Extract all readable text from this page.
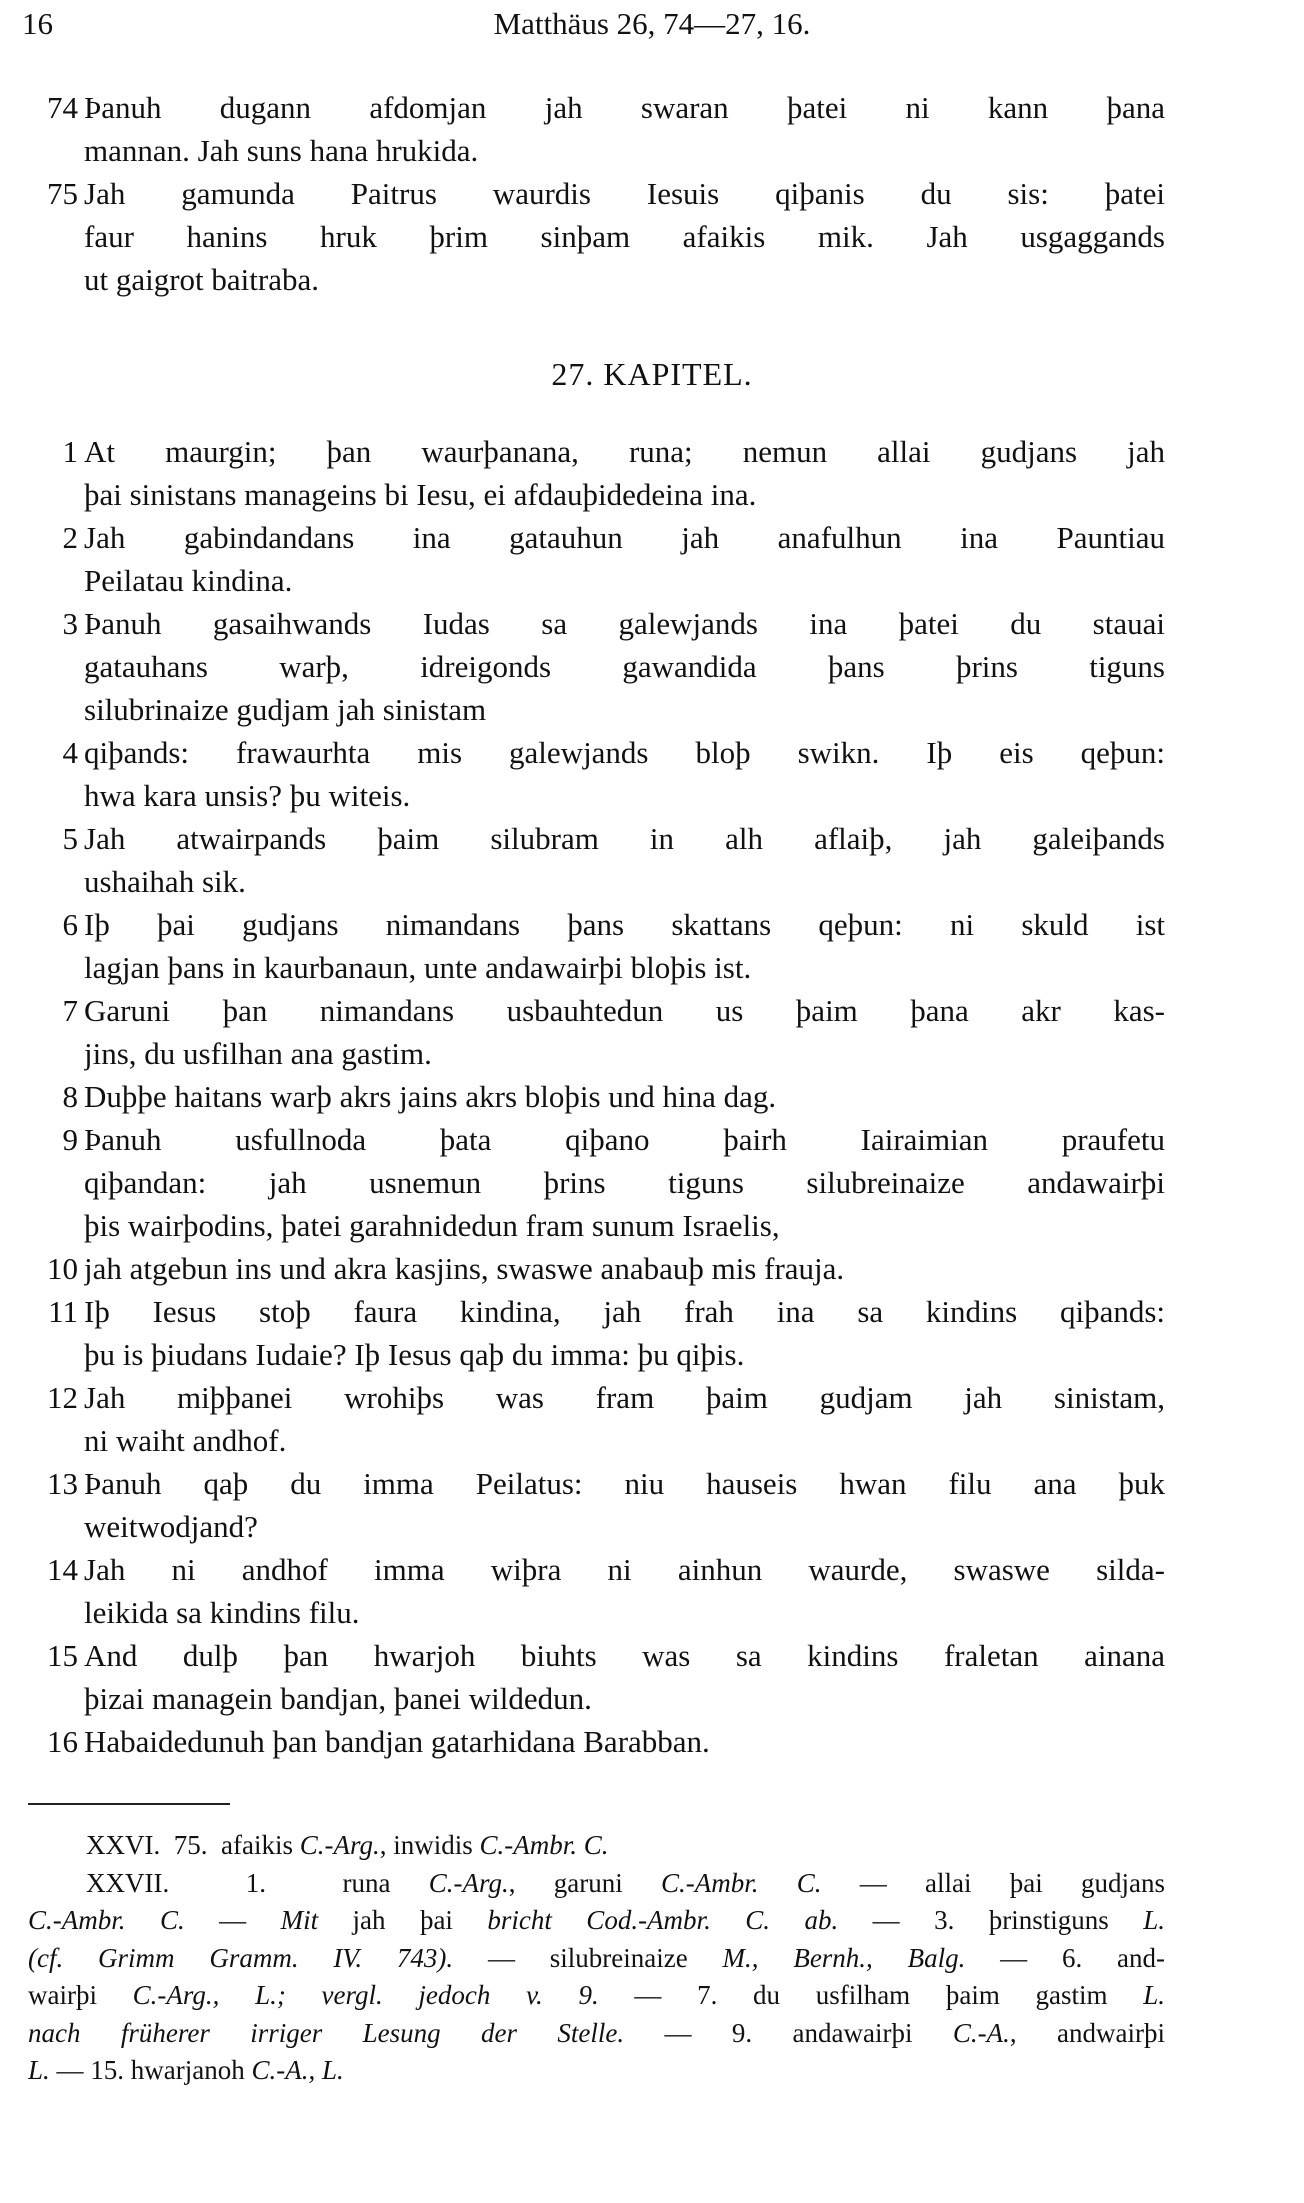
16	Matthäus 26, 74—27, 16.
74 Þanuh dugann afdomjan jah swaran þatei ni kann þana
mannan. Jah suns hana hrukida.
75 Jah gamunda Paitrus waurdis Iesuis qiþanis du sis: þatei
faur hanins hruk þrim sinþam afaikis mik. Jah usgaggands
ut gaigrot baitraba.
27. KAPITEL.
1 At maurgin; þan waurþanana, runa; nemun allai gudjans jah
þai sinistans manageins bi Iesu, ei afdauþidedeina ina.
2 Jah gabindandans ina gatauhun jah anafulhun ina Pauntiau
Peilatau kindina.
3 Þanuh gasaihwands Iudas sa galewjands ina þatei du stauai
gatauhans warþ, idreigonds gawandida þans þrins tiguns
silubrinaize gudjam jah sinistam
4 qiþands: frawaurhta mis galewjands bloþ swikn. Iþ eis qeþun:
hwa kara unsis? þu witeis.
5 Jah atwairpands þaim silubram in alh aflaiþ, jah galeiþands
ushaihah sik.
6 Iþ þai gudjans nimandans þans skattans qeþun: ni skuld ist
lagjan þans in kaurbanaun, unte andawairþi bloþis ist.
7 Garuni þan nimandans usbauhtedun us þaim þana akr kas-
jins, du usfilhan ana gastim.
8 Duþþe haitans warþ akrs jains akrs bloþis und hina dag.
9 Þanuh usfullnoda þata qiþano þairh Iairaimian praufetu
qiþandan: jah usnemun þrins tiguns silubreinaize andawairþi
þis wairþodins, þatei garahnidedun fram sunum Israelis,
10 jah atgebun ins und akra kasjins, swaswe anabauþ mis frauja.
11 Iþ Iesus stoþ faura kindina, jah frah ina sa kindins qiþands:
þu is þiudans Iudaie? Iþ Iesus qaþ du imma: þu qiþis.
12 Jah miþþanei wrohiþs was fram þaim gudjam jah sinistam,
ni waiht andhof.
13 Þanuh qaþ du imma Peilatus: niu hauseis hwan filu ana þuk
weitwodjand?
14 Jah ni andhof imma wiþra ni ainhun waurde, swaswe silda-
leikida sa kindins filu.
15 And dulþ þan hwarjoh biuhts was sa kindins fraletan ainana
þizai managein bandjan, þanei wildedun.
16 Habaidedunuh þan bandjan gatarhidana Barabban.
XXVI.  75.  afaikis C.-Arg., inwidis C.-Ambr. C.
XXVII.  1.  runa C.-Arg., garuni C.-Ambr. C. — allai þai gudjans
C.-Ambr. C. — Mit jah þai bricht Cod.-Ambr. C. ab. — 3. þrinstiguns L.
(cf. Grimm Gramm. IV. 743). — silubreinaize M., Bernh., Balg. — 6. and-
wairþi C.-Arg., L.; vergl. jedoch v. 9. — 7. du usfilham þaim gastim L.
nach früherer irriger Lesung der Stelle. — 9. andawairþi C.-A., andwairþi
L. — 15. hwarjanoh C.-A., L.
